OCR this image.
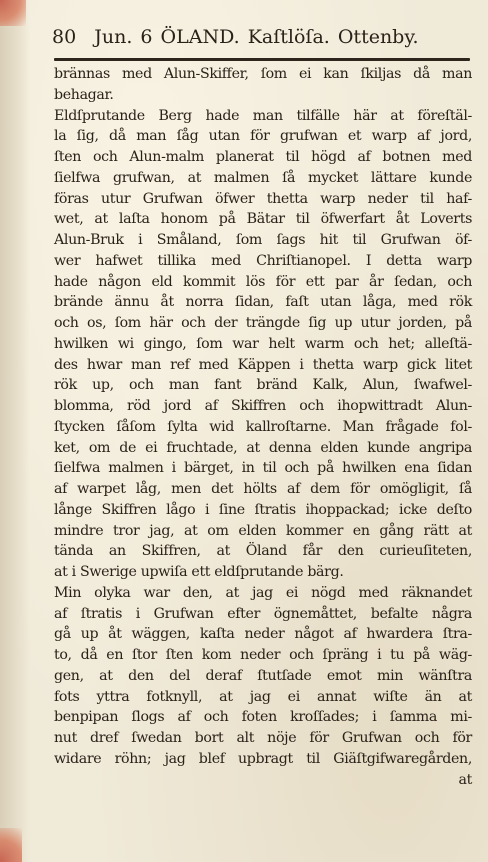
80 Jun. 6 ÖLAND. Kaſtlöſa. Ottenby.
brännas med Alun-Skiffer, ſom ei kan ſkiljas då man
behagar.
Eldſprutande Berg hade man tilfälle här at föreſtäl-
la ſig, då man ſåg utan för grufwan et warp af jord,
ſten och Alun-malm planerat til högd af botnen med
ſielfwa grufwan, at malmen ſå mycket lättare kunde
föras utur Grufwan öfwer thetta warp neder til haf-
wet, at laſta honom på Bätar til öfwerfart åt Loverts
Alun-Bruk i Småland, ſom ſags hit til Grufwan öf-
wer hafwet tillika med Chriſtianopel. I detta warp
hade någon eld kommit lös för ett par år ſedan, och
brände ännu åt norra ſidan, faſt utan låga, med rök
och os, ſom här och der trängde ſig up utur jorden, på
hwilken wi gingo, ſom war helt warm och het; alleſtä-
des hwar man ref med Käppen i thetta warp gick litet
rök up, och man fant bränd Kalk, Alun, ſwafwel-
blomma, röd jord af Skiffren och ihopwittradt Alun-
ſtycken ſåſom ſylta wid kallroſtarne. Man frågade fol-
ket, om de ei fruchtade, at denna elden kunde angripa
ſielfwa malmen i bärget, in til och på hwilken ena ſidan
af warpet låg, men det hölts af dem för omögligit, ſå
långe Skiffren lågo i ſine ſtratis ihoppackad; icke deſto
mindre tror jag, at om elden kommer en gång rätt at
tända an Skiffren, at Öland får den curieuſiteten,
at i Swerige upwiſa ett eldſprutande bärg.
Min olyka war den, at jag ei nögd med räknandet
af ſtratis i Grufwan efter ögnemåttet, befalte några
gå up åt wäggen, kaſta neder något af hwardera ſtra-
to, då en ſtor ſten kom neder och ſpräng i tu på wäg-
gen, at den del deraf ſtutſade emot min wänſtra
fots yttra fotknyll, at jag ei annat wiſte än at
benpipan ſlogs af och foten kroſſades; i ſamma mi-
nut dref ſwedan bort alt nöje för Grufwan och för
widare röhn; jag blef upbragt til Giäſtgifwaregården,
at
